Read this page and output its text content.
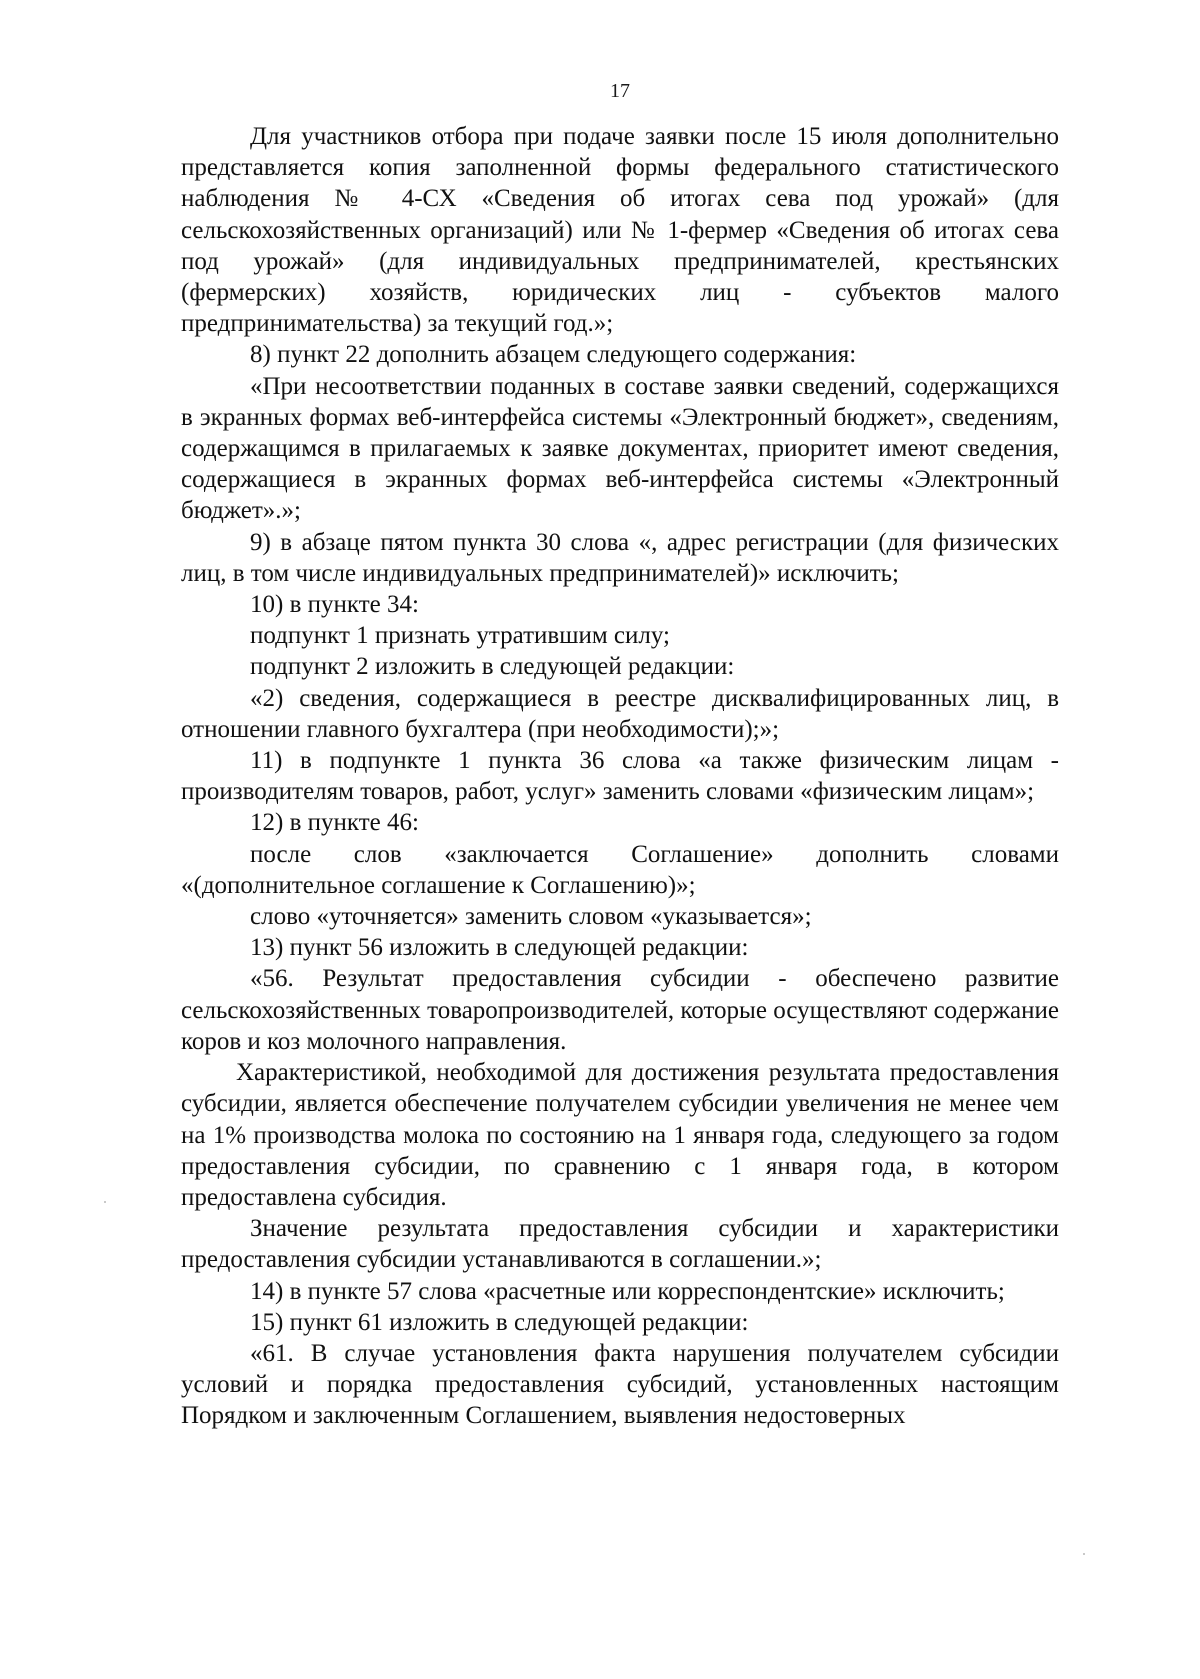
17

Для участников отбора при подаче заявки после 15 июля дополнительно представляется копия заполненной формы федерального статистического наблюдения № 4-СХ «Сведения об итогах сева под урожай» (для сельскохозяйственных организаций) или № 1-фермер «Сведения об итогах сева под урожай» (для индивидуальных предпринимателей, крестьянских (фермерских) хозяйств, юридических лиц - субъектов малого предпринимательства) за текущий год.»;

8) пункт 22 дополнить абзацем следующего содержания:

«При несоответствии поданных в составе заявки сведений, содержащихся в экранных формах веб-интерфейса системы «Электронный бюджет», сведениям, содержащимся в прилагаемых к заявке документах, приоритет имеют сведения, содержащиеся в экранных формах веб-интерфейса системы «Электронный бюджет».»;

9) в абзаце пятом пункта 30 слова «, адрес регистрации (для физических лиц, в том числе индивидуальных предпринимателей)» исключить;

10) в пункте 34:

подпункт 1 признать утратившим силу;

подпункт 2 изложить в следующей редакции:

«2) сведения, содержащиеся в реестре дисквалифицированных лиц, в отношении главного бухгалтера (при необходимости);»;

11) в подпункте 1 пункта 36 слова «а также физическим лицам - производителям товаров, работ, услуг» заменить словами «физическим лицам»;

12) в пункте 46:

после слов «заключается Соглашение» дополнить словами «(дополнительное соглашение к Соглашению)»;

слово «уточняется» заменить словом «указывается»;

13) пункт 56 изложить в следующей редакции:

«56. Результат предоставления субсидии - обеспечено развитие сельскохозяйственных товаропроизводителей, которые осуществляют содержание коров и коз молочного направления.

Характеристикой, необходимой для достижения результата предоставления субсидии, является обеспечение получателем субсидии увеличения не менее чем на 1% производства молока по состоянию на 1 января года, следующего за годом предоставления субсидии, по сравнению с 1 января года, в котором предоставлена субсидия.

Значение результата предоставления субсидии и характеристики предоставления субсидии устанавливаются в соглашении.»;

14) в пункте 57 слова «расчетные или корреспондентские» исключить;

15) пункт 61 изложить в следующей редакции:

«61. В случае установления факта нарушения получателем субсидии условий и порядка предоставления субсидий, установленных настоящим Порядком и заключенным Соглашением, выявления недостоверных
